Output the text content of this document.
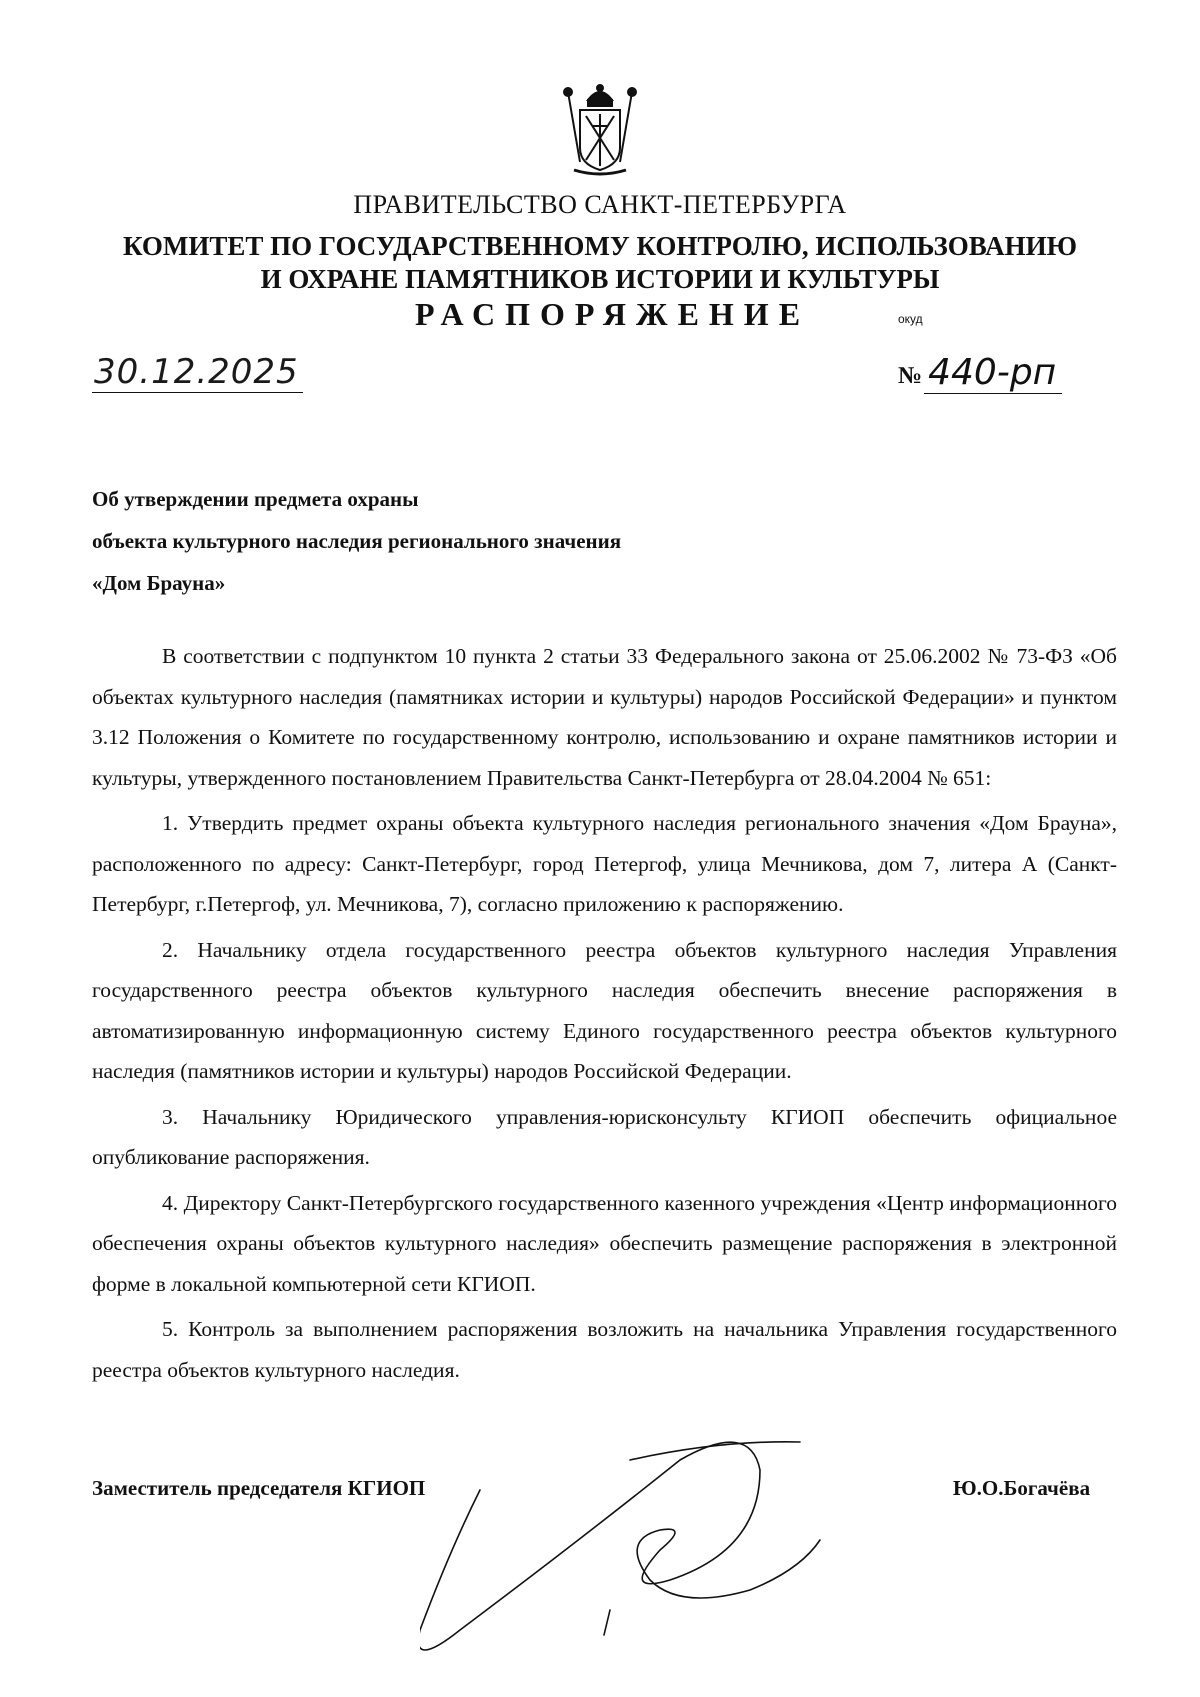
ПРАВИТЕЛЬСТВО САНКТ-ПЕТЕРБУРГА
КОМИТЕТ ПО ГОСУДАРСТВЕННОМУ КОНТРОЛЮ, ИСПОЛЬЗОВАНИЮ
И ОХРАНЕ ПАМЯТНИКОВ ИСТОРИИ И КУЛЬТУРЫ
РАСПОРЯЖЕНИЕ	окуд
30.12.2025	№ 440-рп
Об утверждении предмета охраны
объекта культурного наследия регионального значения
«Дом Брауна»

В соответствии с подпунктом 10 пункта 2 статьи 33 Федерального закона от 25.06.2002 № 73-ФЗ «Об объектах культурного наследия (памятниках истории и культуры) народов Российской Федерации» и пунктом 3.12 Положения о Комитете по государственному контролю, использованию и охране памятников истории и культуры, утвержденного постановлением Правительства Санкт-Петербурга от 28.04.2004 № 651:

1. Утвердить предмет охраны объекта культурного наследия регионального значения «Дом Брауна», расположенного по адресу: Санкт-Петербург, город Петергоф, улица Мечникова, дом 7, литера А (Санкт-Петербург, г.Петергоф, ул. Мечникова, 7), согласно приложению к распоряжению.

2. Начальнику отдела государственного реестра объектов культурного наследия Управления государственного реестра объектов культурного наследия обеспечить внесение распоряжения в автоматизированную информационную систему Единого государственного реестра объектов культурного наследия (памятников истории и культуры) народов Российской Федерации.

3. Начальнику Юридического управления-юрисконсульту КГИОП обеспечить официальное опубликование распоряжения.

4. Директору Санкт-Петербургского государственного казенного учреждения «Центр информационного обеспечения охраны объектов культурного наследия» обеспечить размещение распоряжения в электронной форме в локальной компьютерной сети КГИОП.

5. Контроль за выполнением распоряжения возложить на начальника Управления государственного реестра объектов культурного наследия.

Заместитель председателя КГИОП	Ю.О.Богачёва
